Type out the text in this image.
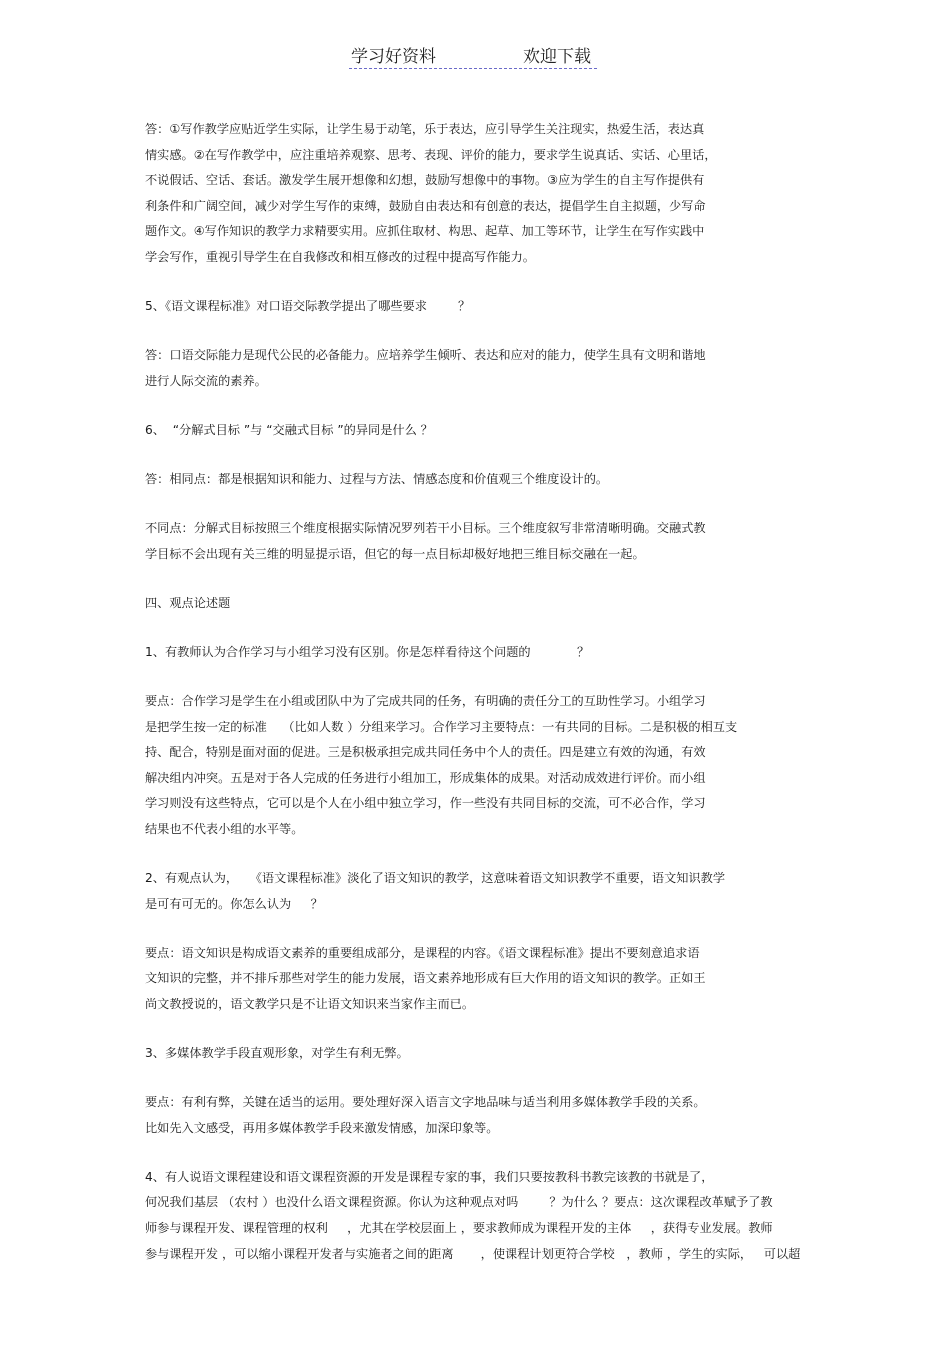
学习好资料	欢迎下载

答：①写作教学应贴近学生实际，让学生易于动笔，乐于表达，应引导学生关注现实，热爱生活，表达真
情实感。②在写作教学中，应注重培养观察、思考、表现、评价的能力，要求学生说真话、实话、心里话，
不说假话、空话、套话。激发学生展开想像和幻想，鼓励写想像中的事物。③应为学生的自主写作提供有
利条件和广阔空间，减少对学生写作的束缚，鼓励自由表达和有创意的表达，提倡学生自主拟题，少写命
题作文。④写作知识的教学力求精要实用。应抓住取材、构思、起草、加工等环节，让学生在写作实践中
学会写作，重视引导学生在自我修改和相互修改的过程中提高写作能力。

5、《语文课程标准》对口语交际教学提出了哪些要求        ？

答：口语交际能力是现代公民的必备能力。应培养学生倾听、表达和应对的能力，使学生具有文明和谐地
进行人际交流的素养。

6、  “分解式目标 ”与 “交融式目标 ”的异同是什么 ？

答：相同点：都是根据知识和能力、过程与方法、情感态度和价值观三个维度设计的。

不同点：分解式目标按照三个维度根据实际情况罗列若干小目标。三个维度叙写非常清晰明确。交融式教
学目标不会出现有关三维的明显提示语，但它的每一点目标却极好地把三维目标交融在一起。

四、观点论述题

1、有教师认为合作学习与小组学习没有区别。你是怎样看待这个问题的            ？

要点：合作学习是学生在小组或团队中为了完成共同的任务，有明确的责任分工的互助性学习。小组学习
是把学生按一定的标准    （比如人数 ）分组来学习。合作学习主要特点：一有共同的目标。二是积极的相互支
持、配合，特别是面对面的促进。三是积极承担完成共同任务中个人的责任。四是建立有效的沟通，有效
解决组内冲突。五是对于各人完成的任务进行小组加工，形成集体的成果。对活动成效进行评价。而小组
学习则没有这些特点，它可以是个人在小组中独立学习，作一些没有共同目标的交流，可不必合作，学习
结果也不代表小组的水平等。

2、有观点认为，   《语文课程标准》淡化了语文知识的教学，这意味着语文知识教学不重要，语文知识教学
是可有可无的。你怎么认为     ？

要点：语文知识是构成语文素养的重要组成部分，是课程的内容。《语文课程标准》提出不要刻意追求语
文知识的完整，并不排斥那些对学生的能力发展，语文素养地形成有巨大作用的语文知识的教学。正如王
尚文教授说的，语文教学只是不让语文知识来当家作主而已。

3、多媒体教学手段直观形象，对学生有利无弊。

要点：有利有弊，关键在适当的运用。要处理好深入语言文字地品味与适当利用多媒体教学手段的关系。
比如先入文感受，再用多媒体教学手段来激发情感，加深印象等。

4、有人说语文课程建设和语文课程资源的开发是课程专家的事，我们只要按教科书教完该教的书就是了，
何况我们基层 （农村 ）也没什么语文课程资源。你认为这种观点对吗        ？为什么 ？要点：这次课程改革赋予了教
师参与课程开发、课程管理的权利     ，尤其在学校层面上 ，要求教师成为课程开发的主体     ，获得专业发展。教师
参与课程开发 ，可以缩小课程开发者与实施者之间的距离       ，使课程计划更符合学校   ，教师 ，学生的实际，   可以超
